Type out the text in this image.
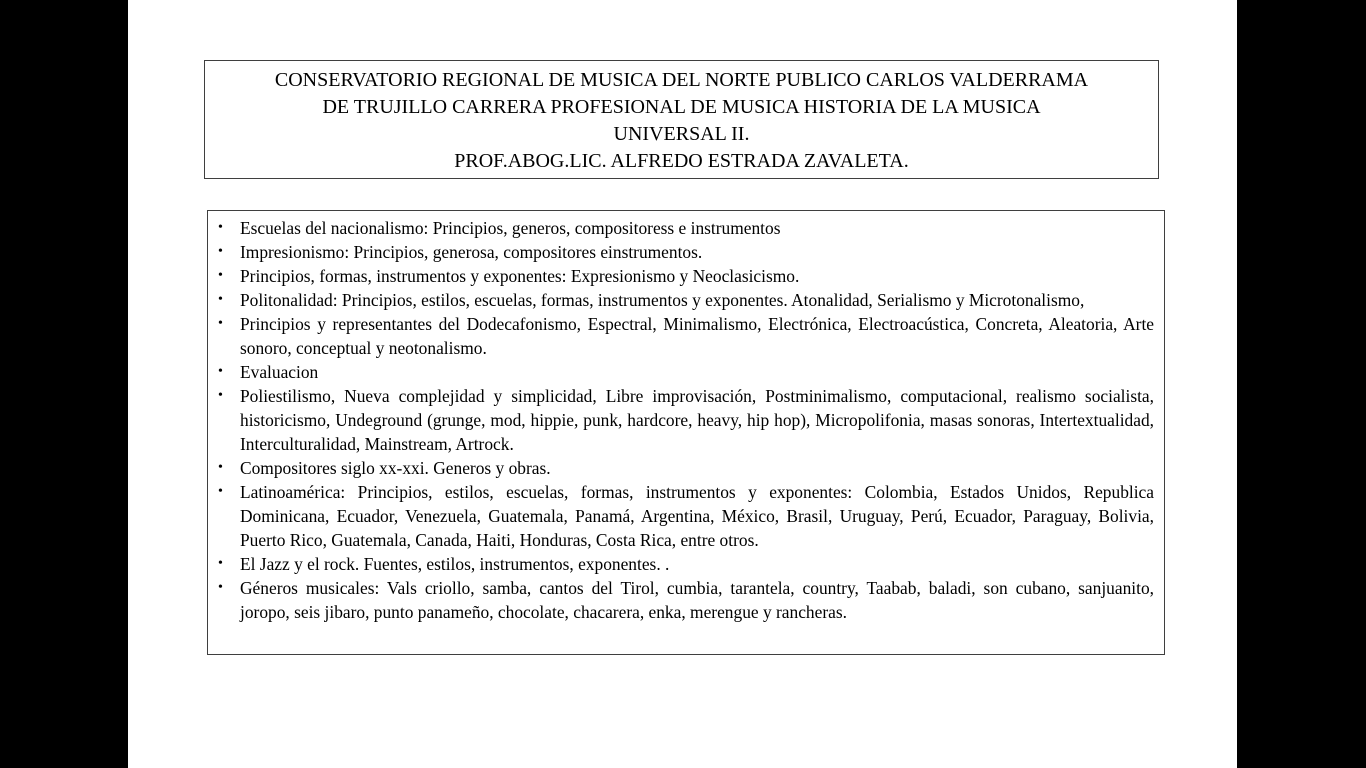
CONSERVATORIO REGIONAL DE MUSICA DEL NORTE PUBLICO CARLOS VALDERRAMA
DE TRUJILLO CARRERA PROFESIONAL DE MUSICA HISTORIA DE LA MUSICA
UNIVERSAL II.
PROF.ABOG.LIC. ALFREDO ESTRADA ZAVALETA.
• Escuelas del nacionalismo: Principios, generos, compositoress e instrumentos
• Impresionismo: Principios, generosa, compositores einstrumentos.
• Principios, formas, instrumentos y exponentes: Expresionismo y Neoclasicismo.
• Politonalidad: Principios, estilos, escuelas, formas, instrumentos y exponentes. Atonalidad, Serialismo y Microtonalismo,
• Principios y representantes del Dodecafonismo, Espectral, Minimalismo, Electrónica, Electroacústica, Concreta, Aleatoria, Arte sonoro, conceptual y neotonalismo.
• Evaluacion
• Poliestilismo, Nueva complejidad y simplicidad, Libre improvisación, Postminimalismo, computacional, realismo socialista, historicismo, Undeground (grunge, mod, hippie, punk, hardcore, heavy, hip hop), Micropolifonia, masas sonoras, Intertextualidad, Interculturalidad, Mainstream, Artrock.
• Compositores siglo xx-xxi. Generos y obras.
• Latinoamérica: Principios, estilos, escuelas, formas, instrumentos y exponentes: Colombia, Estados Unidos, Republica Dominicana, Ecuador, Venezuela, Guatemala, Panamá, Argentina, México, Brasil, Uruguay, Perú, Ecuador, Paraguay, Bolivia, Puerto Rico, Guatemala, Canada, Haiti, Honduras, Costa Rica, entre otros.
• El Jazz y el rock. Fuentes, estilos, instrumentos, exponentes. .
• Géneros musicales: Vals criollo, samba, cantos del Tirol, cumbia, tarantela, country, Taabab, baladi, son cubano, sanjuanito, joropo, seis jibaro, punto panameño, chocolate, chacarera, enka, merengue y rancheras.
